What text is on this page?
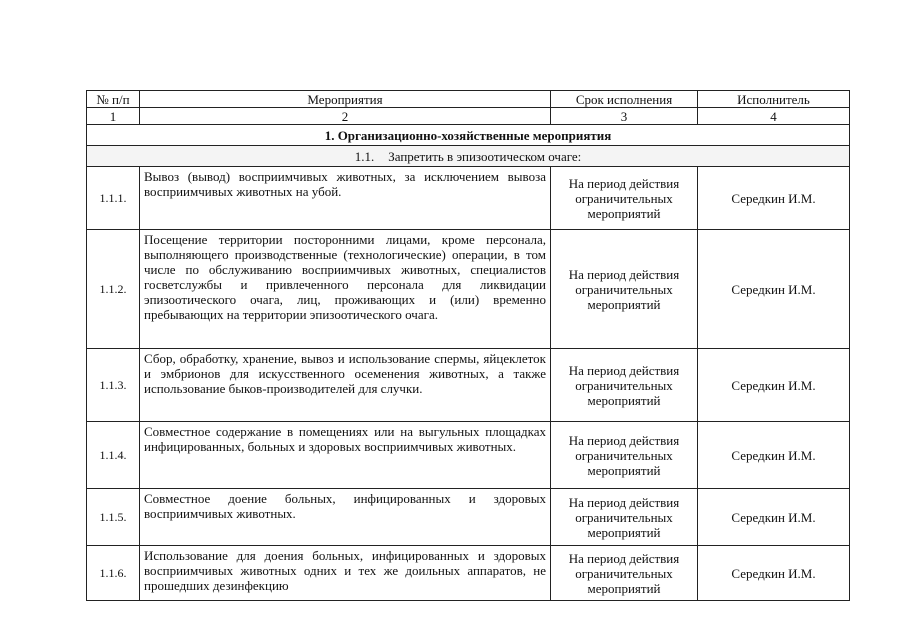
№ п/п	Мероприятия	Срок исполнения	Исполнитель
1	2	3	4
1. Организационно-хозяйственные мероприятия			
1.1. Запретить в эпизоотическом очаге:			
1.1.1.	Вывоз (вывод) восприимчивых животных, за исключением вывоза восприимчивых животных на убой.	На период действия ограничительных мероприятий	Середкин И.М.
1.1.2.	Посещение территории посторонними лицами, кроме персонала, выполняющего производственные (технологические) операции, в том числе по обслуживанию восприимчивых животных, специалистов госветслужбы и привлеченного персонала для ликвидации эпизоотического очага, лиц, проживающих и (или) временно пребывающих на территории эпизоотического очага.	На период действия ограничительных мероприятий	Середкин И.М.
1.1.3.	Сбор, обработку, хранение, вывоз и использование спермы, яйцеклеток и эмбрионов для искусственного осеменения животных, а также использование быков-производителей для случки.	На период действия ограничительных мероприятий	Середкин И.М.
1.1.4.	Совместное содержание в помещениях или на выгульных площадках инфицированных, больных и здоровых восприимчивых животных.	На период действия ограничительных мероприятий	Середкин И.М.
1.1.5.	Совместное доение больных, инфицированных и здоровых восприимчивых животных.	На период действия ограничительных мероприятий	Середкин И.М.
1.1.6.	Использование для доения больных, инфицированных и здоровых восприимчивых животных одних и тех же доильных аппаратов, не прошедших дезинфекцию	На период действия ограничительных мероприятий	Середкин И.М.
